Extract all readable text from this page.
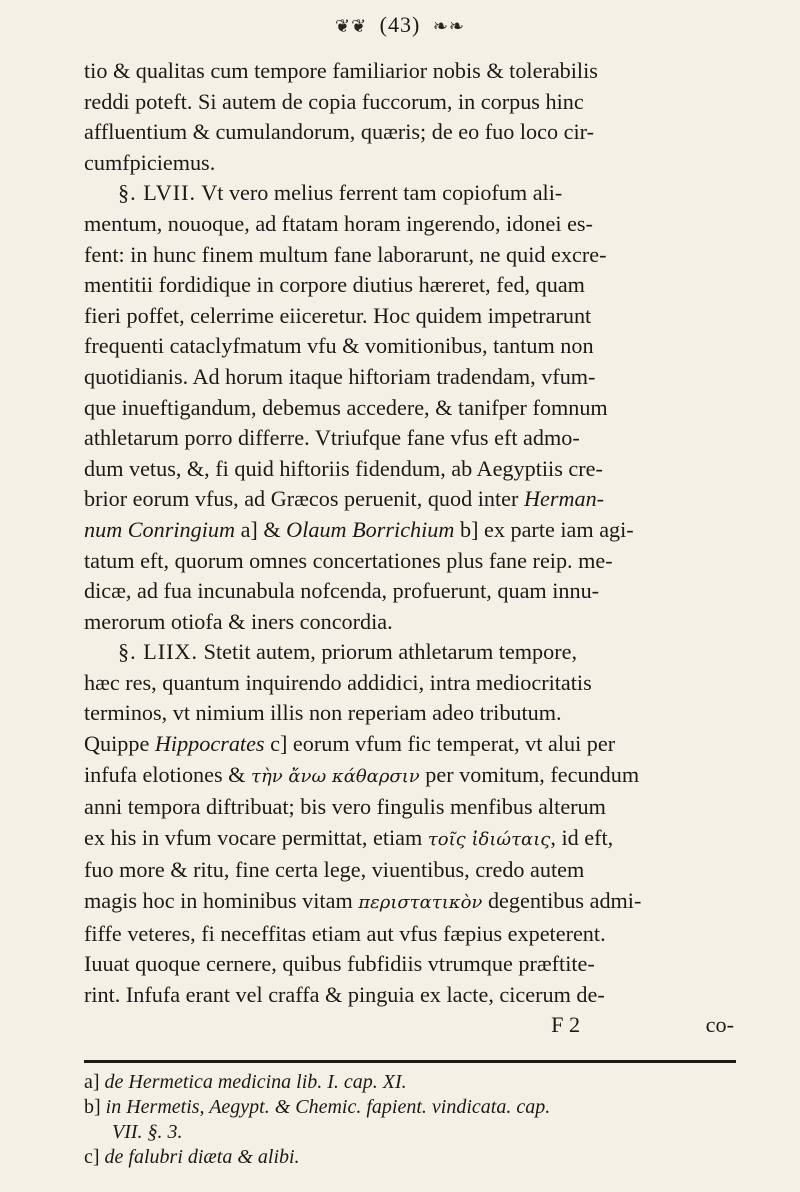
❦❦ (43) ❧❧

tio & qualitas cum tempore familiarior nobis & tolerabilis

reddi poteft. Si autem de copia fuccorum, in corpus hinc

affluentium & cumulandorum, quæris; de eo fuo loco cir-

cumfpiciemus.

§. LVII. Vt vero melius ferrent tam copiofum ali-

mentum, nouoque, ad ftatam horam ingerendo, idonei es-

fent: in hunc finem multum fane laborarunt, ne quid excre-

mentitii fordidique in corpore diutius hæreret, fed, quam

fieri poffet, celerrime eiiceretur. Hoc quidem impetrarunt

frequenti cataclyfmatum vfu & vomitionibus, tantum non

quotidianis. Ad horum itaque hiftoriam tradendam, vfum-

que inueftigandum, debemus accedere, & tanifper fomnum

athletarum porro differre. Vtriufque fane vfus eft admo-

dum vetus, &, fi quid hiftoriis fidendum, ab Aegyptiis cre-

brior eorum vfus, ad Græcos peruenit, quod inter Herman-

num Conringium a] & Olaum Borrichium b] ex parte iam agi-

tatum eft, quorum omnes concertationes plus fane reip. me-

dicæ, ad fua incunabula nofcenda, profuerunt, quam innu-

merorum otiofa & iners concordia.

§. LIIX. Stetit autem, priorum athletarum tempore,

hæc res, quantum inquirendo addidici, intra mediocritatis

terminos, vt nimium illis non reperiam adeo tributum.

Quippe Hippocrates c] eorum vfum fic temperat, vt alui per

infufa elotiones & τὴν ἄνω κάθαρσιν per vomitum, fecundum

anni tempora diftribuat; bis vero fingulis menfibus alterum

ex his in vfum vocare permittat, etiam τοῖς ἰδιώταις, id eft,

fuo more & ritu, fine certa lege, viuentibus, credo autem

magis hoc in hominibus vitam περιστατικὸν degentibus admi-

fiffe veteres, fi neceffitas etiam aut vfus fæpius expeterent.

Iuuat quoque cernere, quibus fubfidiis vtrumque præftite-

rint. Infufa erant vel craffa & pinguia ex lacte, cicerum de-

F 2	co-

a] de Hermetica medicina lib. I. cap. XI.
b] in Hermetis, Aegypt. & Chemic. fapient. vindicata. cap.
VII. §. 3.
c] de falubri diæta & alibi.
